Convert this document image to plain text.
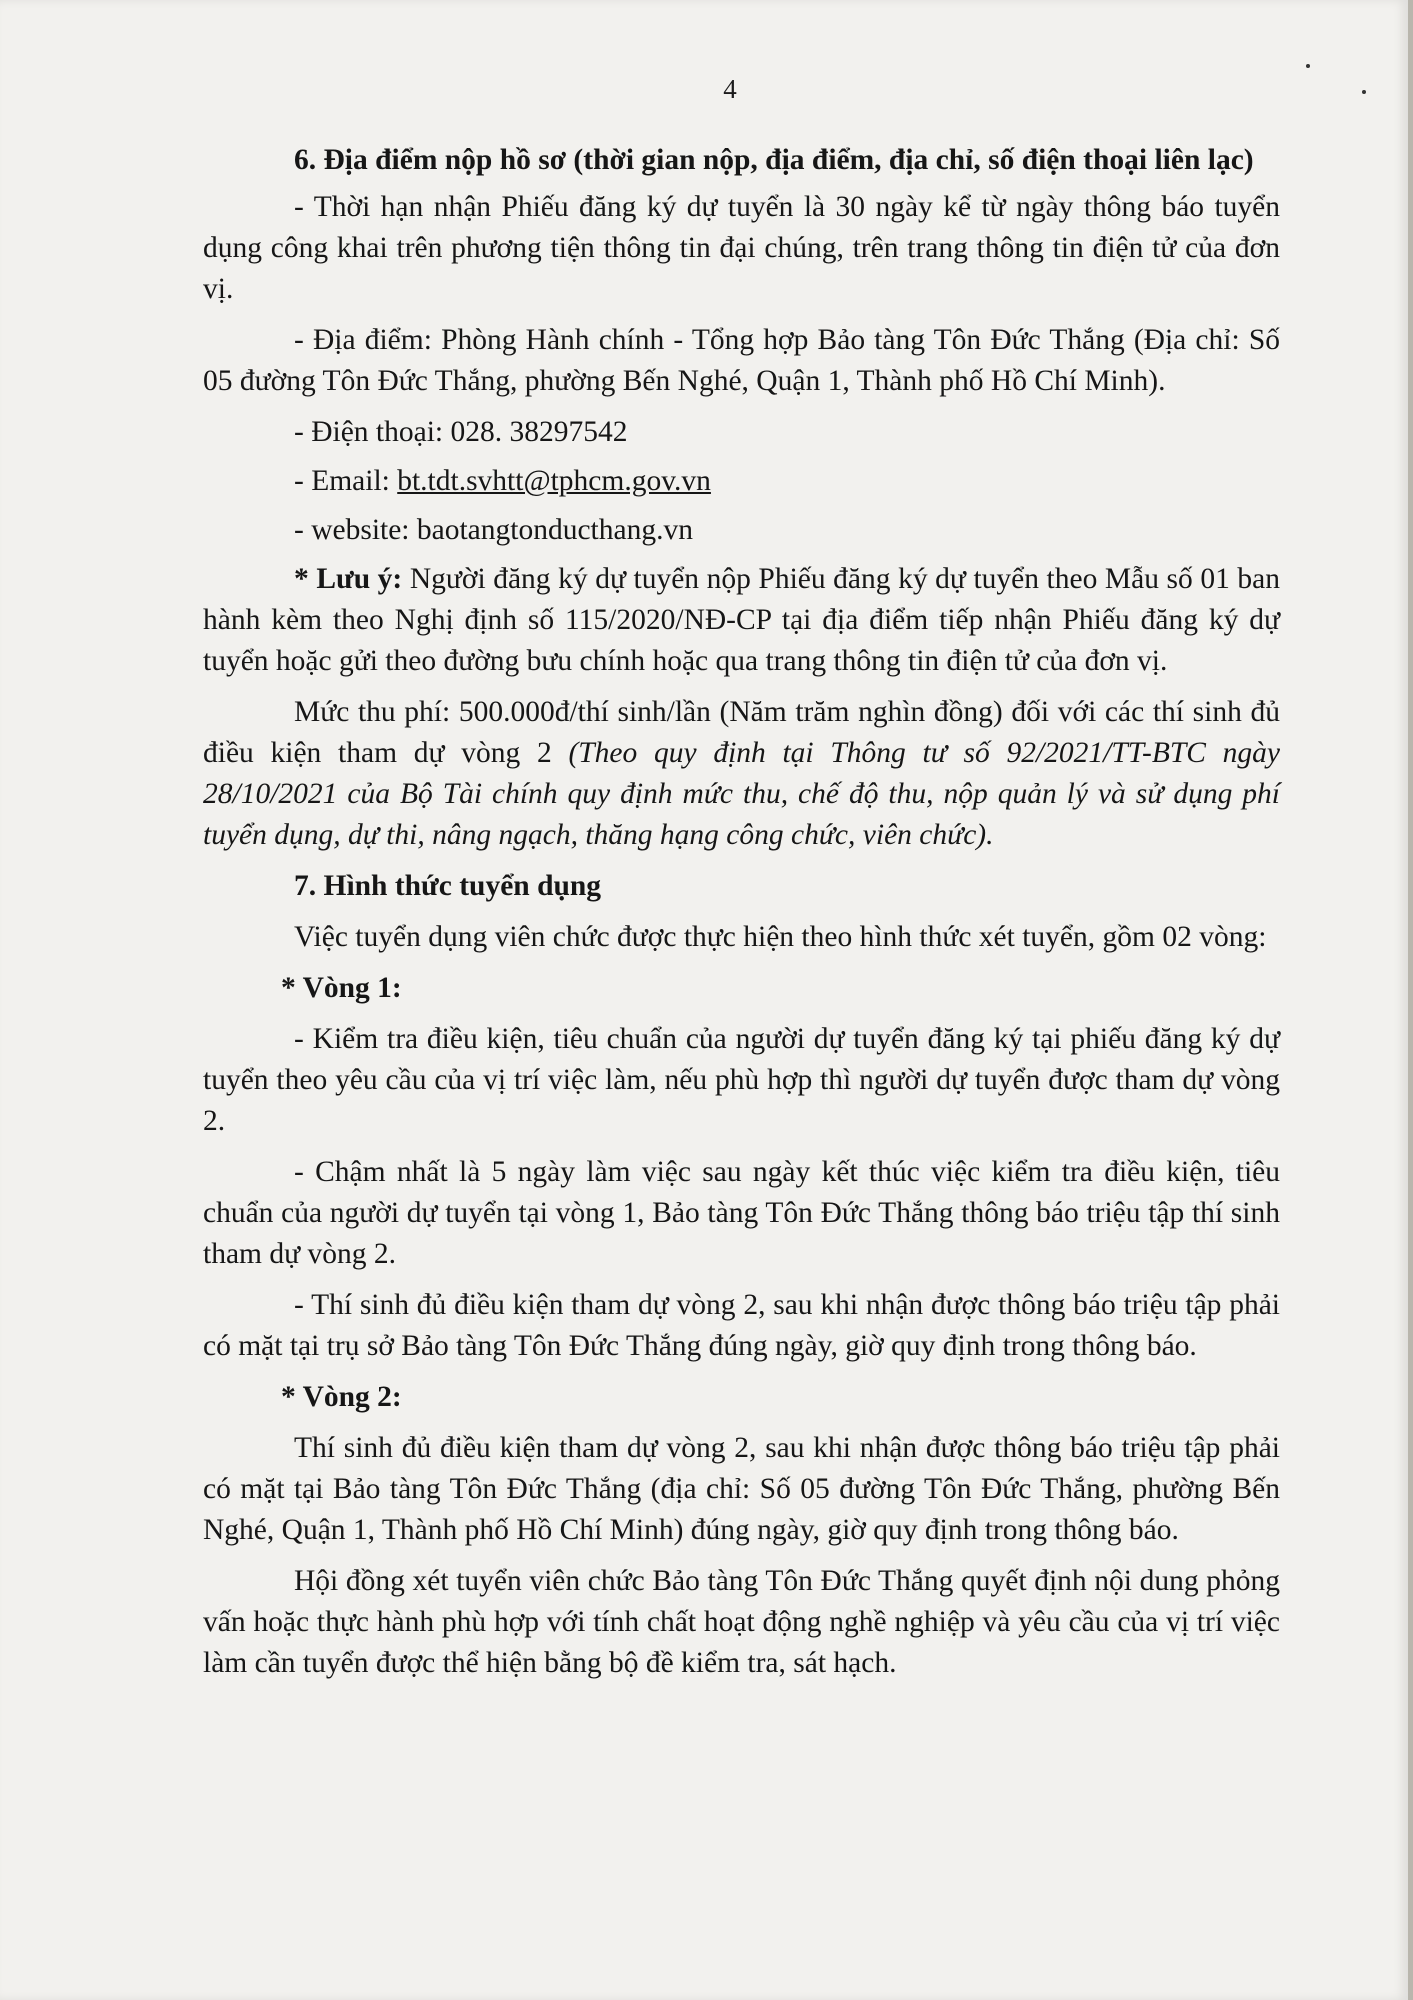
4

6. Địa điểm nộp hồ sơ (thời gian nộp, địa điểm, địa chỉ, số điện thoại liên lạc)

- Thời hạn nhận Phiếu đăng ký dự tuyển là 30 ngày kể từ ngày thông báo tuyển dụng công khai trên phương tiện thông tin đại chúng, trên trang thông tin điện tử của đơn vị.

- Địa điểm: Phòng Hành chính - Tổng hợp Bảo tàng Tôn Đức Thắng (Địa chỉ: Số 05 đường Tôn Đức Thắng, phường Bến Nghé, Quận 1, Thành phố Hồ Chí Minh).

- Điện thoại: 028. 38297542

- Email: bt.tdt.svhtt@tphcm.gov.vn

- website: baotangtonducthang.vn

* Lưu ý: Người đăng ký dự tuyển nộp Phiếu đăng ký dự tuyển theo Mẫu số 01 ban hành kèm theo Nghị định số 115/2020/NĐ-CP tại địa điểm tiếp nhận Phiếu đăng ký dự tuyển hoặc gửi theo đường bưu chính hoặc qua trang thông tin điện tử của đơn vị.

Mức thu phí: 500.000đ/thí sinh/lần (Năm trăm nghìn đồng) đối với các thí sinh đủ điều kiện tham dự vòng 2 (Theo quy định tại Thông tư số 92/2021/TT-BTC ngày 28/10/2021 của Bộ Tài chính quy định mức thu, chế độ thu, nộp quản lý và sử dụng phí tuyển dụng, dự thi, nâng ngạch, thăng hạng công chức, viên chức).

7. Hình thức tuyển dụng

Việc tuyển dụng viên chức được thực hiện theo hình thức xét tuyển, gồm 02 vòng:

* Vòng 1:

- Kiểm tra điều kiện, tiêu chuẩn của người dự tuyển đăng ký tại phiếu đăng ký dự tuyển theo yêu cầu của vị trí việc làm, nếu phù hợp thì người dự tuyển được tham dự vòng 2.

- Chậm nhất là 5 ngày làm việc sau ngày kết thúc việc kiểm tra điều kiện, tiêu chuẩn của người dự tuyển tại vòng 1, Bảo tàng Tôn Đức Thắng thông báo triệu tập thí sinh tham dự vòng 2.

- Thí sinh đủ điều kiện tham dự vòng 2, sau khi nhận được thông báo triệu tập phải có mặt tại trụ sở Bảo tàng Tôn Đức Thắng đúng ngày, giờ quy định trong thông báo.

* Vòng 2:

Thí sinh đủ điều kiện tham dự vòng 2, sau khi nhận được thông báo triệu tập phải có mặt tại Bảo tàng Tôn Đức Thắng (địa chỉ: Số 05 đường Tôn Đức Thắng, phường Bến Nghé, Quận 1, Thành phố Hồ Chí Minh) đúng ngày, giờ quy định trong thông báo.

Hội đồng xét tuyển viên chức Bảo tàng Tôn Đức Thắng quyết định nội dung phỏng vấn hoặc thực hành phù hợp với tính chất hoạt động nghề nghiệp và yêu cầu của vị trí việc làm cần tuyển được thể hiện bằng bộ đề kiểm tra, sát hạch.
